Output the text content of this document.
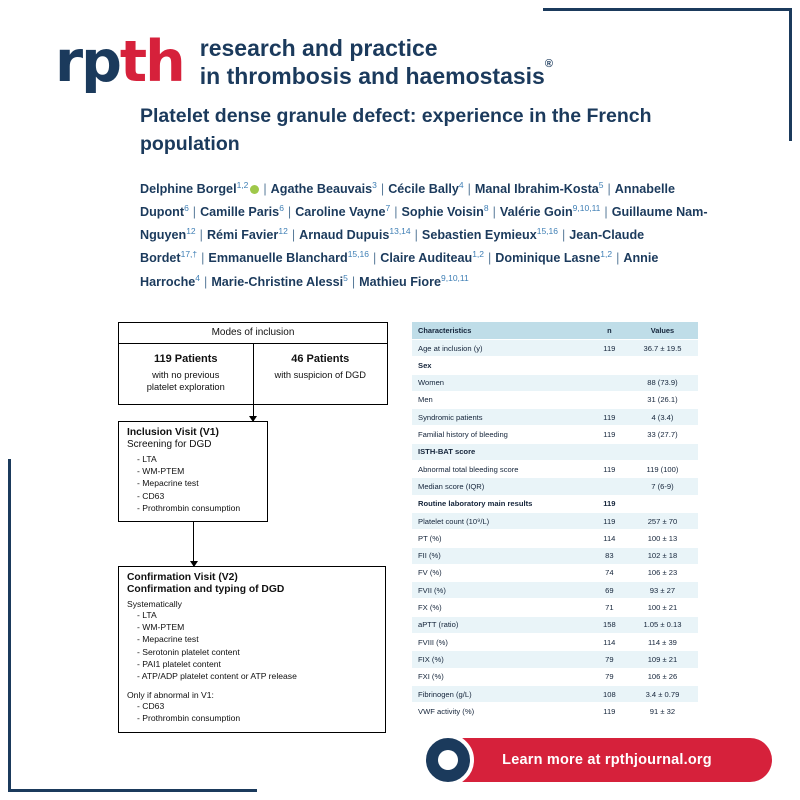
rpth research and practice
in thrombosis and haemostasis®
Platelet dense granule defect: experience in the French population
Delphine Borgel$^{1,2}$ | Agathe Beauvais$^3$ | Cécile Bally$^4$ | Manal Ibrahim-Kosta$^5$ | Annabelle Dupont$^6$ | Camille Paris$^6$ | Caroline Vayne$^7$ | Sophie Voisin$^8$ | Valérie Goin$^{9,10,11}$ | Guillaume Nam-Nguyen$^{12}$ | Rémi Favier$^{12}$ | Arnaud Dupuis$^{13,14}$ | Sebastien Eymieux$^{15,16}$ | Jean-Claude Bordet$^{17,\dagger}$ | Emmanuelle Blanchard$^{15,16}$ | Claire Auditeau$^{1,2}$ | Dominique Lasne$^{1,2}$ | Annie Harroche$^4$ | Marie-Christine Alessi$^5$ | Mathieu Fiore$^{9,10,11}$
Modes of inclusion
119 Patients
with no previous
platelet exploration
46 Patients
with suspicion of DGD
Inclusion Visit (V1)
Screening for DGD
- LTA
- WM-PTEM
- Mepacrine test
- CD63
- Prothrombin consumption
Confirmation Visit (V2)
Confirmation and typing of DGD
Systematically
- LTA
- WM-PTEM
- Mepacrine test
- Serotonin platelet content
- PAI1 platelet content
- ATP/ADP platelet content or ATP release
Only if abnormal in V1:
- CD63
- Prothrombin consumption
Characteristics	n	Values
Age at inclusion (y)	119	36.7 ± 19.5
Sex		
Women		88 (73.9)
Men		31 (26.1)
Syndromic patients	119	4 (3.4)
Familial history of bleeding	119	33 (27.7)
ISTH-BAT score		
Abnormal total bleeding score	119	119 (100)
Median score (IQR)		7 (6-9)
Routine laboratory main results	119	
Platelet count (10⁹/L)	119	257 ± 70
PT (%)	114	100 ± 13
FII (%)	83	102 ± 18
FV (%)	74	106 ± 23
FVII (%)	69	93 ± 27
FX (%)	71	100 ± 21
aPTT (ratio)	158	1.05 ± 0.13
FVIII (%)	114	114 ± 39
FIX (%)	79	109 ± 21
FXI (%)	79	106 ± 26
Fibrinogen (g/L)	108	3.4 ± 0.79
VWF activity (%)	119	91 ± 32
Learn more at rpthjournal.org
